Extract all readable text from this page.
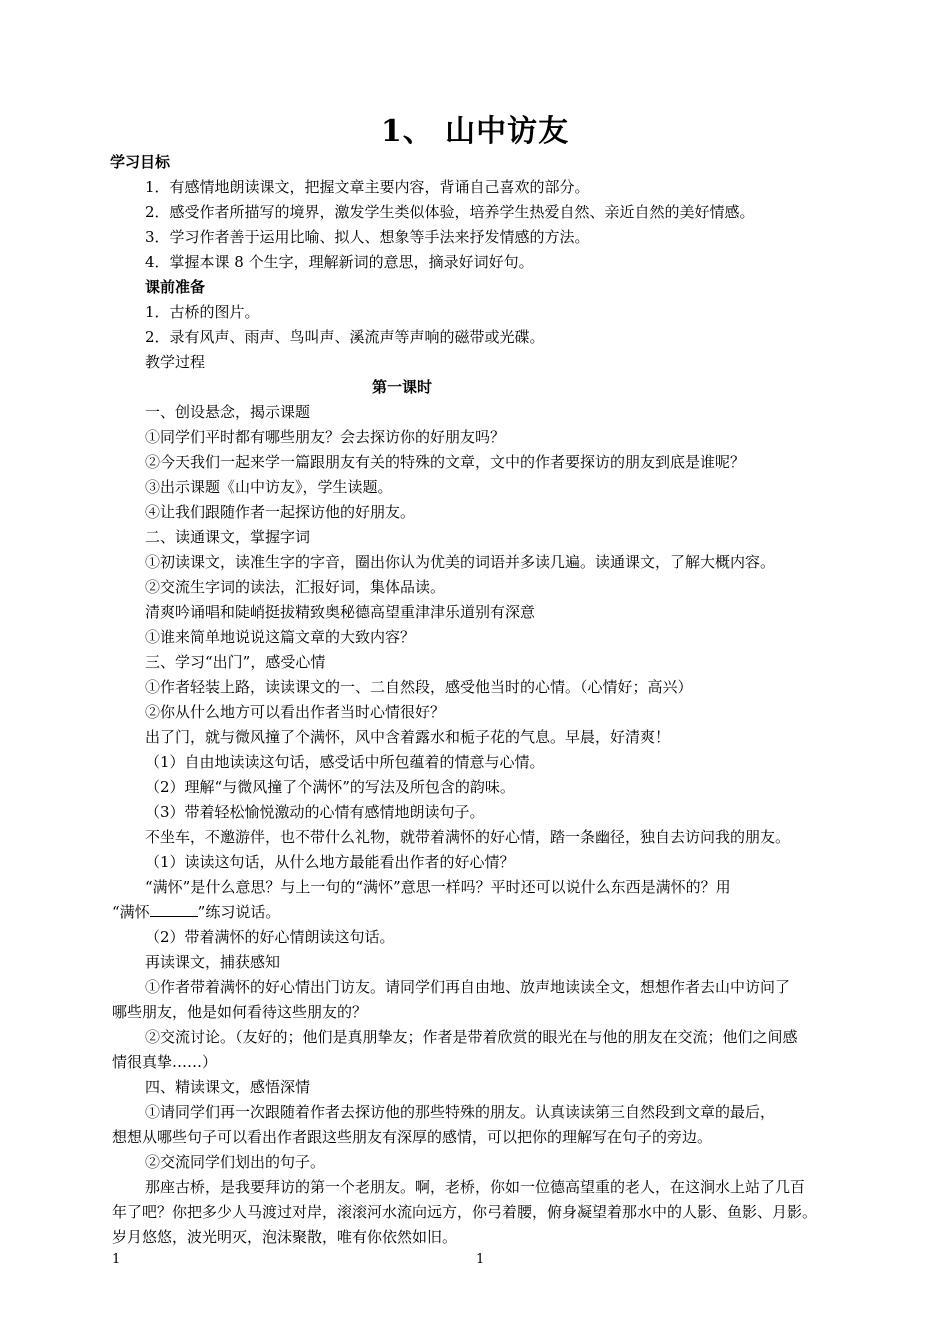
1、 山中访友
学习目标
1．有感情地朗读课文，把握文章主要内容，背诵自己喜欢的部分。
2．感受作者所描写的境界，激发学生类似体验，培养学生热爱自然、亲近自然的美好情感。
3．学习作者善于运用比喻、拟人、想象等手法来抒发情感的方法。
4．掌握本课 8 个生字，理解新词的意思，摘录好词好句。
课前准备
1．古桥的图片。
2．录有风声、雨声、鸟叫声、溪流声等声响的磁带或光碟。
教学过程
第一课时
一、创设悬念，揭示课题
①同学们平时都有哪些朋友？会去探访你的好朋友吗？
②今天我们一起来学一篇跟朋友有关的特殊的文章，文中的作者要探访的朋友到底是谁呢？
③出示课题《山中访友》，学生读题。
④让我们跟随作者一起探访他的好朋友。
二、读通课文，掌握字词
①初读课文，读准生字的字音，圈出你认为优美的词语并多读几遍。读通课文，了解大概内容。
②交流生字词的读法，汇报好词，集体品读。
清爽吟诵唱和陡峭挺拔精致奥秘德高望重津津乐道别有深意
①谁来简单地说说这篇文章的大致内容？
三、学习“出门”，感受心情
①作者轻装上路，读读课文的一、二自然段，感受他当时的心情。（心情好；高兴）
②你从什么地方可以看出作者当时心情很好？
出了门，就与微风撞了个满怀，风中含着露水和栀子花的气息。早晨，好清爽！
（1）自由地读读这句话，感受话中所包蕴着的情意与心情。
（2）理解“与微风撞了个满怀”的写法及所包含的韵味。
（3）带着轻松愉悦激动的心情有感情地朗读句子。
不坐车，不邀游伴，也不带什么礼物，就带着满怀的好心情，踏一条幽径，独自去访问我的朋友。
（1）读读这句话，从什么地方最能看出作者的好心情？
“满怀”是什么意思？与上一句的“满怀”意思一样吗？平时还可以说什么东西是满怀的？用
“满怀	”练习说话。
（2）带着满怀的好心情朗读这句话。
再读课文，捕获感知
①作者带着满怀的好心情出门访友。请同学们再自由地、放声地读读全文，想想作者去山中访问了
哪些朋友，他是如何看待这些朋友的？
②交流讨论。（友好的；他们是真朋挚友；作者是带着欣赏的眼光在与他的朋友在交流；他们之间感
情很真挚……）
四、精读课文，感悟深情
①请同学们再一次跟随着作者去探访他的那些特殊的朋友。认真读读第三自然段到文章的最后，
想想从哪些句子可以看出作者跟这些朋友有深厚的感情，可以把你的理解写在句子的旁边。
②交流同学们划出的句子。
那座古桥，是我要拜访的第一个老朋友。啊，老桥，你如一位德高望重的老人，在这涧水上站了几百
年了吧？你把多少人马渡过对岸，滚滚河水流向远方，你弓着腰，俯身凝望着那水中的人影、鱼影、月影。
岁月悠悠，波光明灭，泡沫聚散，唯有你依然如旧。
1	1
